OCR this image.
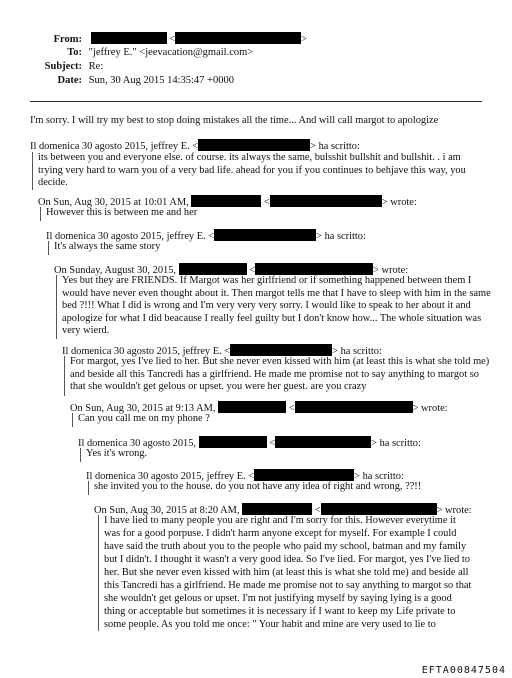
From:	<	>
To: "jeffrey E." <jeevacation@gmail.com>
Subject: Re:
Date: Sun, 30 Aug 2015 14:35:47 +0000
I'm sorry. I will try my best to stop doing mistakes all the time... And will call margot to apologize
Il domenica 30 agosto 2015, jeffrey E. <	> ha scritto:
its between you and everyone else. of course. its always the same, bulsshit bullshit and bullshit. . i am
trying very hard to warn you of a very bad life. ahead for you if you continues to behjave this way, you
decide.
On Sun, Aug 30, 2015 at 10:01 AM,	<	> wrote:
However this is between me and her
Il domenica 30 agosto 2015, jeffrey E. <	> ha scritto:
It's always the same story
On Sunday, August 30, 2015,	<	> wrote:
Yes but they are FRIENDS. If Margot was her girlfriend or if something happened between them I
would have never even thought about it. Then margot tells me that I have to sleep with him in the same
bed ?!!! What I did is wrong and I'm very very very sorry. I would like to speak to her about it and
apologize for what I did beacause I really feel guilty but I don't know how... The whole situation was
very wierd.
Il domenica 30 agosto 2015, jeffrey E. <	> ha scritto:
For margot, yes I've lied to her. But she never even kissed with him (at least this is what she told me)
and beside all this Tancredi has a girlfriend. He made me promise not to say anything to margot so
that she wouldn't get gelous or upset. you were her guest. are you crazy
On Sun, Aug 30, 2015 at 9:13 AM,	<	> wrote:
Can you call me on my phone ?
Il domenica 30 agosto 2015,	<	> ha scritto:
Yes it's wrong.
Il domenica 30 agosto 2015, jeffrey E. <	> ha scritto:
she invited you to the house. do you not have any idea of right and wrong, ??!!
On Sun, Aug 30, 2015 at 8:20 AM,	<	> wrote:
I have lied to many people you are right and I'm sorry for this. However everytime it
was for a good porpuse. I didn't harm anyone except for myself. For example I could
have said the truth about you to the people who paid my school, batman and my family
but I didn't. I thought it wasn't a very good idea. So I've lied. For margot, yes I've lied to
her. But she never even kissed with him (at least this is what she told me) and beside all
this Tancredi has a girlfriend. He made me promise not to say anything to margot so that
she wouldn't get gelous or upset. I'm not justifying myself by saying lying is a good
thing or acceptable but sometimes it is necessary if I want to keep my Life private to
some people. As you told me once: " Your habit and mine are very used to lie to
EFTA00847504
